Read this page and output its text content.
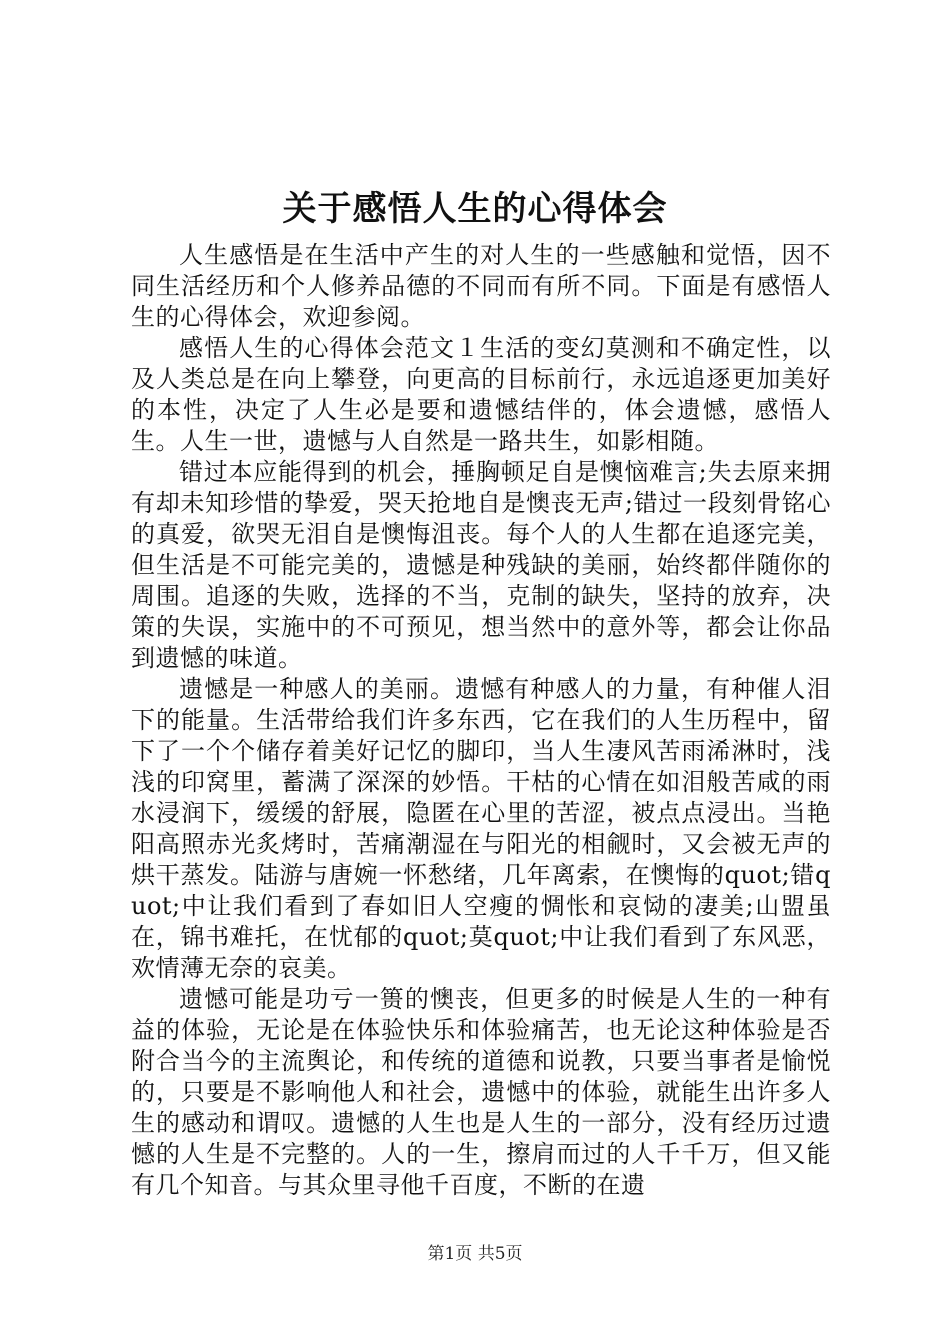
关于感悟人生的心得体会

人生感悟是在生活中产生的对人生的一些感触和觉悟，因不同生活经历和个人修养品德的不同而有所不同。下面是有感悟人生的心得体会，欢迎参阅。

感悟人生的心得体会范文１生活的变幻莫测和不确定性，以及人类总是在向上攀登，向更高的目标前行，永远追逐更加美好的本性，决定了人生必是要和遗憾结伴的，体会遗憾，感悟人生。人生一世，遗憾与人自然是一路共生，如影相随。

错过本应能得到的机会，捶胸顿足自是懊恼难言;失去原来拥有却未知珍惜的挚爱，哭天抢地自是懊丧无声;错过一段刻骨铭心的真爱，欲哭无泪自是懊悔沮丧。每个人的人生都在追逐完美，但生活是不可能完美的，遗憾是种残缺的美丽，始终都伴随你的周围。追逐的失败，选择的不当，克制的缺失，坚持的放弃，决策的失误，实施中的不可预见，想当然中的意外等，都会让你品到遗憾的味道。

遗憾是一种感人的美丽。遗憾有种感人的力量，有种催人泪下的能量。生活带给我们许多东西，它在我们的人生历程中，留下了一个个储存着美好记忆的脚印，当人生凄风苦雨浠淋时，浅浅的印窝里，蓄满了深深的妙悟。干枯的心情在如泪般苦咸的雨水浸润下，缓缓的舒展，隐匿在心里的苦涩，被点点浸出。当艳阳高照赤光炙烤时，苦痛潮湿在与阳光的相觎时，又会被无声的烘干蒸发。陆游与唐婉一怀愁绪，几年离索，在懊悔的quot;错quot;中让我们看到了春如旧人空瘦的惆怅和哀恸的凄美;山盟虽在，锦书难托，在忧郁的quot;莫quot;中让我们看到了东风恶，欢情薄无奈的哀美。

遗憾可能是功亏一篑的懊丧，但更多的时候是人生的一种有益的体验，无论是在体验快乐和体验痛苦，也无论这种体验是否附合当今的主流舆论，和传统的道德和说教，只要当事者是愉悦的，只要是不影响他人和社会，遗憾中的体验，就能生出许多人生的感动和谓叹。遗憾的人生也是人生的一部分，没有经历过遗憾的人生是不完整的。人的一生，擦肩而过的人千千万，但又能有几个知音。与其众里寻他千百度，不断的在遗

第1页 共5页
